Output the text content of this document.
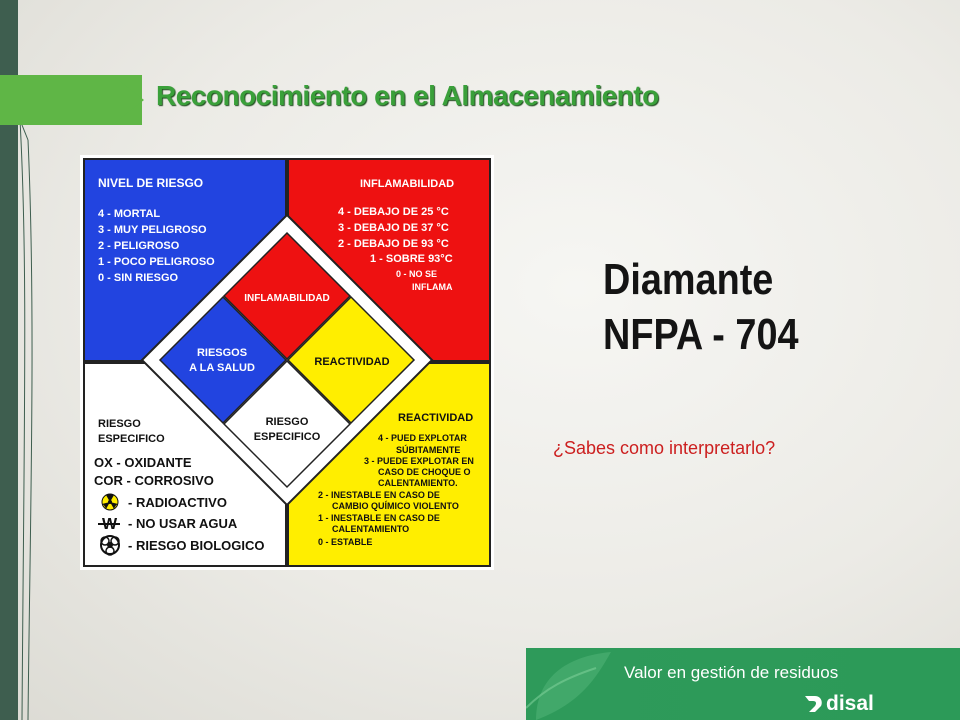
Reconocimiento en el Almacenamiento
NIVEL DE RIESGO
4 - MORTAL
3 - MUY PELIGROSO
2 - PELIGROSO
1 - POCO PELIGROSO
0 - SIN RIESGO
INFLAMABILIDAD
4 - DEBAJO DE 25 °C
3 - DEBAJO DE 37 °C
2 - DEBAJO DE 93 °C
1 - SOBRE 93°C
0 - NO SE
INFLAMA
RIESGO
ESPECIFICO
OX - OXIDANTE
COR - CORROSIVO
- RADIOACTIVO
W - NO USAR AGUA
- RIESGO BIOLOGICO
REACTIVIDAD
4 - PUED EXPLOTAR
SÚBITAMENTE
3 - PUEDE EXPLOTAR EN
CASO DE CHOQUE O
CALENTAMIENTO.
2 - INESTABLE EN CASO DE
CAMBIO QUÍMICO VIOLENTO
1 - INESTABLE EN CASO DE
CALENTAMIENTO
0 - ESTABLE
INFLAMABILIDAD
RIESGOS
A LA SALUD	REACTIVIDAD
RIESGO
ESPECIFICO
Diamante
NFPA - 704
¿Sabes como interpretarlo?
Valor en gestión de residuos
disal
